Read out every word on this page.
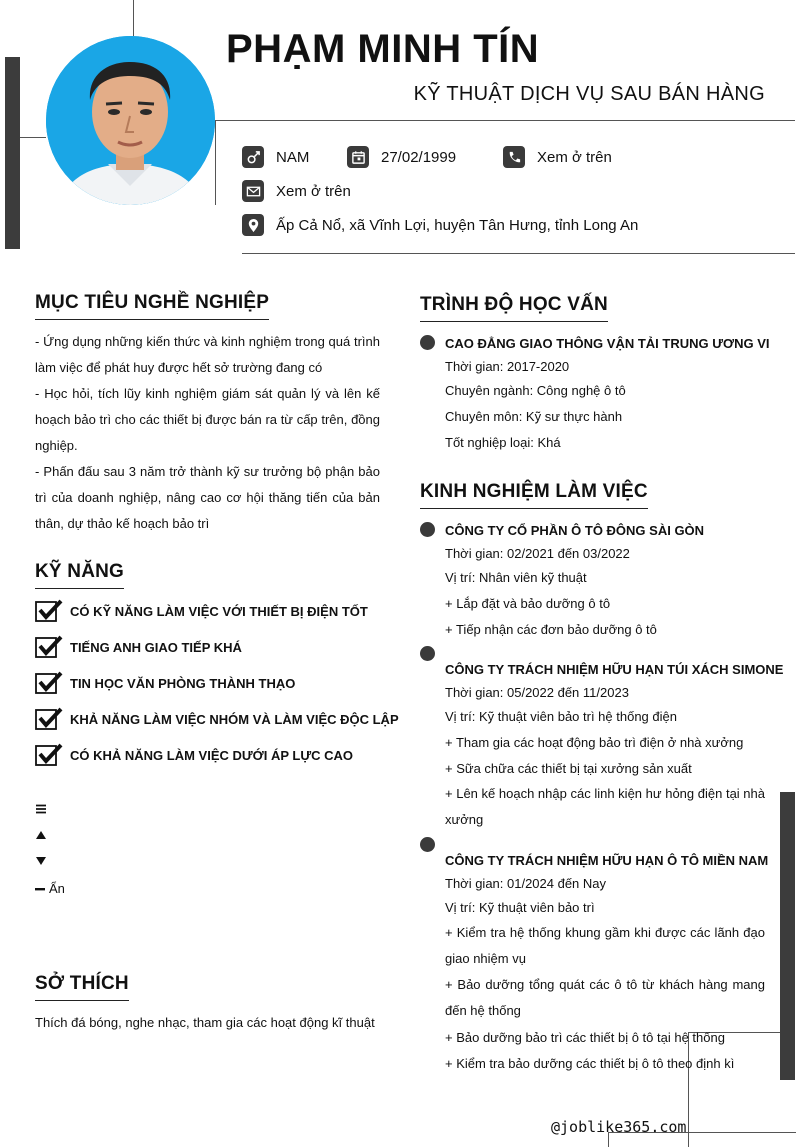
PHẠM MINH TÍN
KỸ THUẬT DỊCH VỤ SAU BÁN HÀNG
NAM	27/02/1999	Xem ở trên
Xem ở trên
Ấp Cả Nổ, xã Vĩnh Lợi, huyện Tân Hưng, tỉnh Long An
MỤC TIÊU NGHỀ NGHIỆP
- Ứng dụng những kiến thức và kinh nghiệm trong quá trình làm việc để phát huy được hết sở trường đang có
- Học hỏi, tích lũy kinh nghiệm giám sát quản lý và lên kế hoạch bảo trì cho các thiết bị được bán ra từ cấp trên, đồng nghiệp.
- Phấn đấu sau 3 năm trở thành kỹ sư trưởng bộ phận bảo trì của doanh nghiệp, nâng cao cơ hội thăng tiến của bản thân, dự thảo kế hoạch bảo trì
KỸ NĂNG
CÓ KỸ NĂNG LÀM VIỆC VỚI THIẾT BỊ ĐIỆN TỐT
TIẾNG ANH GIAO TIẾP KHÁ
TIN HỌC VĂN PHÒNG THÀNH THẠO
KHẢ NĂNG LÀM VIỆC NHÓM VÀ LÀM VIỆC ĐỘC LẬP
CÓ KHẢ NĂNG LÀM VIỆC DƯỚI ÁP LỰC CAO
Ẩn
SỞ THÍCH
Thích đá bóng, nghe nhạc, tham gia các hoạt động kĩ thuật
TRÌNH ĐỘ HỌC VẤN
CAO ĐẲNG GIAO THÔNG VẬN TẢI TRUNG ƯƠNG VI
Thời gian: 2017-2020
Chuyên ngành: Công nghệ ô tô
Chuyên môn: Kỹ sư thực hành
Tốt nghiệp loại: Khá
KINH NGHIỆM LÀM VIỆC
CÔNG TY CỔ PHẦN Ô TÔ ĐÔNG SÀI GÒN
Thời gian: 02/2021 đến 03/2022
Vị trí: Nhân viên kỹ thuật
+ Lắp đặt và bảo dưỡng ô tô
+ Tiếp nhận các đơn bảo dưỡng ô tô
CÔNG TY TRÁCH NHIỆM HỮU HẠN TÚI XÁCH SIMONE
Thời gian: 05/2022 đến 11/2023
Vị trí: Kỹ thuật viên bảo trì hệ thống điện
+ Tham gia các hoạt động bảo trì điện ở nhà xưởng
+ Sữa chữa các thiết bị tại xưởng sản xuất
+ Lên kế hoạch nhập các linh kiện hư hỏng điện tại nhà xưởng
CÔNG TY TRÁCH NHIỆM HỮU HẠN Ô TÔ MIỀN NAM
Thời gian: 01/2024 đến Nay
Vị trí: Kỹ thuật viên bảo trì
+ Kiểm tra hệ thống khung gầm khi được các lãnh đạo giao nhiệm vụ
+ Bảo dưỡng tổng quát các ô tô từ khách hàng mang đến hệ thống
+ Bảo dưỡng bảo trì các thiết bị ô tô tại hệ thống
+ Kiểm tra bảo dưỡng các thiết bị ô tô theo định kì
@joblike365.com
